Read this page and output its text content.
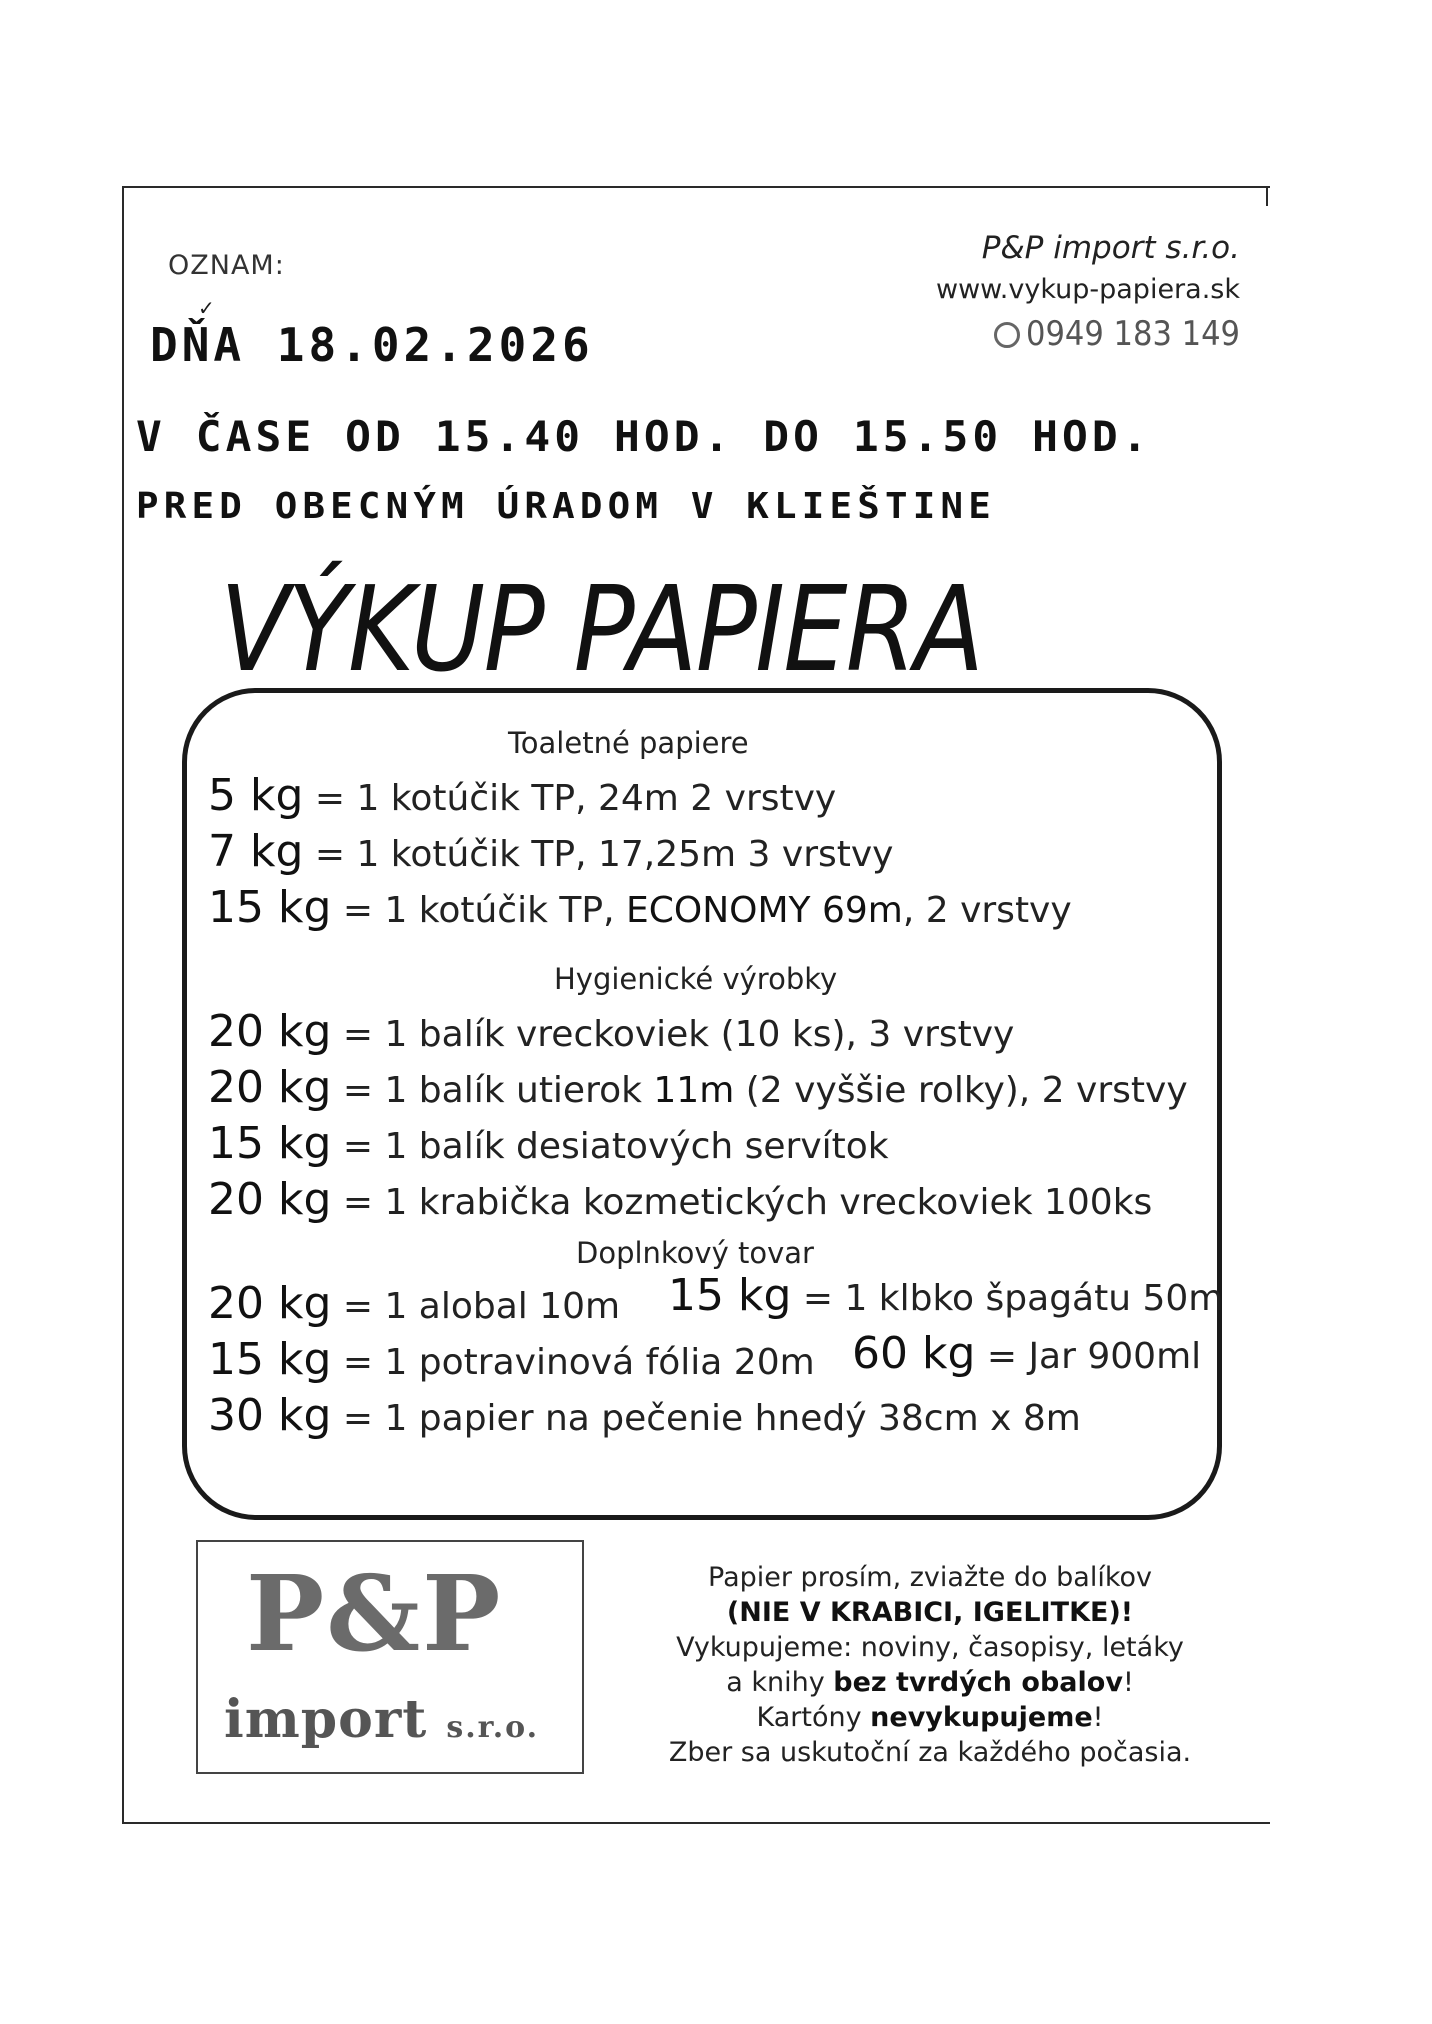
OZNAM:	P&P import s.r.o.
www.vykup-papiera.sk
0949 183 149
✓
DŇA 18.02.2026
V ČASE OD 15.40 HOD. DO 15.50 HOD.
PRED OBECNÝM ÚRADOM V KLIEŠTINE
VÝKUP PAPIERA
Toaletné papiere
5 kg = 1 kotúčik TP, 24m 2 vrstvy
7 kg = 1 kotúčik TP, 17,25m 3 vrstvy
15 kg = 1 kotúčik TP, ECONOMY 69m, 2 vrstvy
Hygienické výrobky
20 kg = 1 balík vreckoviek (10 ks), 3 vrstvy
20 kg = 1 balík utierok 11m (2 vyššie rolky), 2 vrstvy
15 kg = 1 balík desiatových servítok
20 kg = 1 krabička kozmetických vreckoviek 100ks
Doplnkový tovar
20 kg = 1 alobal 10m 15 kg = 1 klbko špagátu 50m
15 kg = 1 potravinová fólia 20m 60 kg = Jar 900ml
30 kg = 1 papier na pečenie hnedý 38cm x 8m
P&P
import s.r.o.
Papier prosím, zviažte do balíkov
(NIE V KRABICI, IGELITKE)!
Vykupujeme: noviny, časopisy, letáky
a knihy bez tvrdých obalov!
Kartóny nevykupujeme!
Zber sa uskutoční za každého počasia.
